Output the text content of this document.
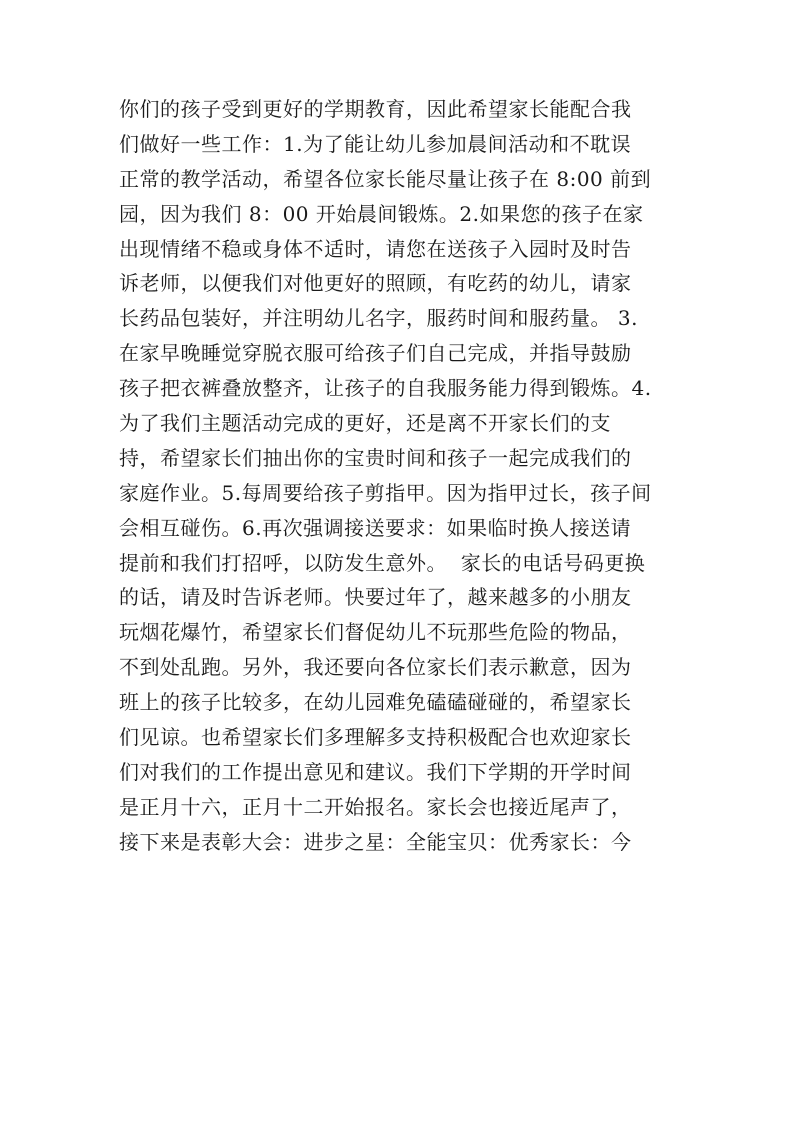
你们的孩子受到更好的学期教育，因此希望家长能配合我
们做好一些工作：1.为了能让幼儿参加晨间活动和不耽误
正常的教学活动，希望各位家长能尽量让孩子在 8:00 前到
园，因为我们 8：00 开始晨间锻炼。2.如果您的孩子在家
出现情绪不稳或身体不适时，请您在送孩子入园时及时告
诉老师，以便我们对他更好的照顾，有吃药的幼儿，请家
长药品包装好，并注明幼儿名字，服药时间和服药量。 3.
在家早晚睡觉穿脱衣服可给孩子们自己完成，并指导鼓励
孩子把衣裤叠放整齐，让孩子的自我服务能力得到锻炼。4.
为了我们主题活动完成的更好，还是离不开家长们的支
持，希望家长们抽出你的宝贵时间和孩子一起完成我们的
家庭作业。5.每周要给孩子剪指甲。因为指甲过长，孩子间
会相互碰伤。6.再次强调接送要求：如果临时换人接送请
提前和我们打招呼，以防发生意外。  家长的电话号码更换
的话，请及时告诉老师。快要过年了，越来越多的小朋友
玩烟花爆竹，希望家长们督促幼儿不玩那些危险的物品，
不到处乱跑。另外，我还要向各位家长们表示歉意，因为
班上的孩子比较多，在幼儿园难免磕磕碰碰的，希望家长
们见谅。也希望家长们多理解多支持积极配合也欢迎家长
们对我们的工作提出意见和建议。我们下学期的开学时间
是正月十六，正月十二开始报名。家长会也接近尾声了，
接下来是表彰大会：进步之星：全能宝贝：优秀家长：今
